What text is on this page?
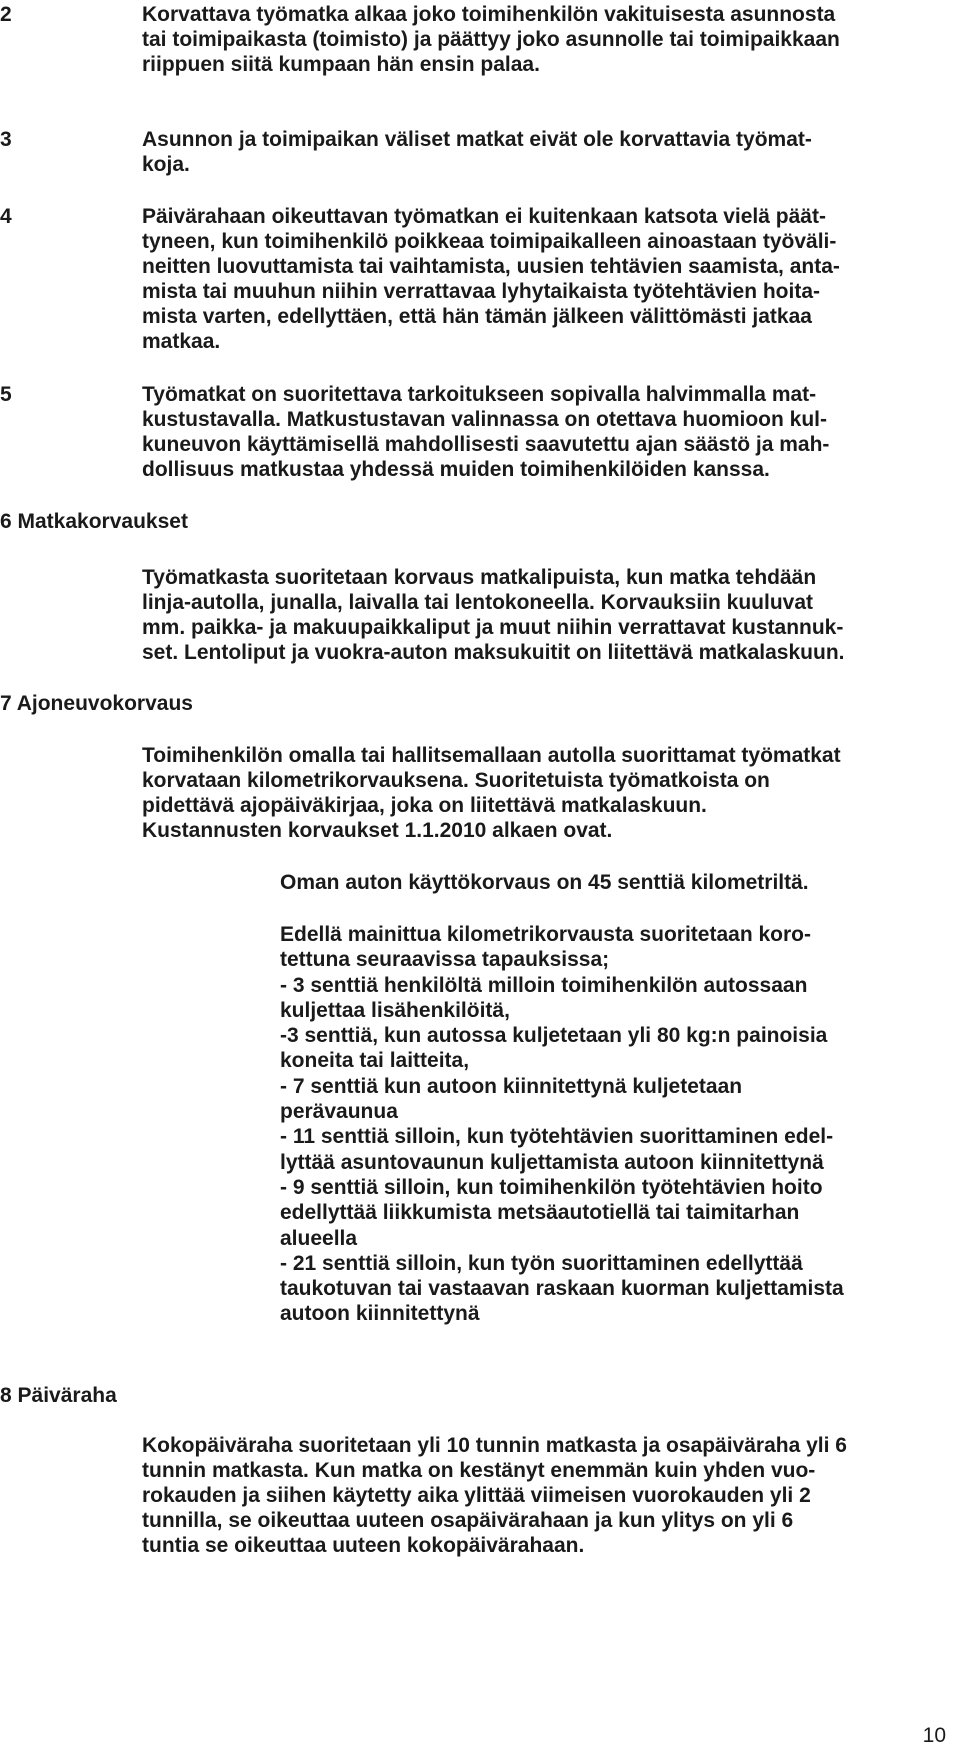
2	Korvattava työmatka alkaa joko toimihenkilön vakituisesta asunnosta
tai toimipaikasta (toimisto) ja päättyy joko asunnolle tai toimipaikkaan
riippuen siitä kumpaan hän ensin palaa.
3	Asunnon ja toimipaikan väliset matkat eivät ole korvattavia työmat-
koja.
4	Päivärahaan oikeuttavan työmatkan ei kuitenkaan katsota vielä päät-
tyneen, kun toimihenkilö poikkeaa toimipaikalleen ainoastaan työväli-
neitten luovuttamista tai vaihtamista, uusien tehtävien saamista, anta-
mista tai muuhun niihin verrattavaa lyhytaikaista työtehtävien hoita-
mista varten, edellyttäen, että hän tämän jälkeen välittömästi jatkaa
matkaa.
5	Työmatkat on suoritettava tarkoitukseen sopivalla halvimmalla mat-
kustustavalla. Matkustustavan valinnassa on otettava huomioon kul-
kuneuvon käyttämisellä mahdollisesti saavutettu ajan säästö ja mah-
dollisuus matkustaa yhdessä muiden toimihenkilöiden kanssa.
6 Matkakorvaukset
Työmatkasta suoritetaan korvaus matkalipuista, kun matka tehdään
linja-autolla, junalla, laivalla tai lentokoneella. Korvauksiin kuuluvat
mm. paikka- ja makuupaikkaliput ja muut niihin verrattavat kustannuk-
set. Lentoliput ja vuokra-auton maksukuitit on liitettävä matkalaskuun.
7 Ajoneuvokorvaus
Toimihenkilön omalla tai hallitsemallaan autolla suorittamat työmatkat
korvataan kilometrikorvauksena. Suoritetuista työmatkoista on
pidettävä ajopäiväkirjaa, joka on liitettävä matkalaskuun.
Kustannusten korvaukset 1.1.2010 alkaen ovat.
Oman auton käyttökorvaus on 45 senttiä kilometriltä.
Edellä mainittua kilometrikorvausta suoritetaan koro-
tettuna seuraavissa tapauksissa;
- 3 senttiä henkilöltä milloin toimihenkilön autossaan
kuljettaa lisähenkilöitä,
-3 senttiä, kun autossa kuljetetaan yli 80 kg:n painoisia
koneita tai laitteita,
- 7 senttiä kun autoon kiinnitettynä kuljetetaan
perävaunua
- 11 senttiä silloin, kun työtehtävien suorittaminen edel-
lyttää asuntovaunun kuljettamista autoon kiinnitettynä
- 9 senttiä silloin, kun toimihenkilön työtehtävien hoito
edellyttää liikkumista metsäautotiellä tai taimitarhan
alueella
- 21 senttiä silloin, kun työn suorittaminen edellyttää
taukotuvan tai vastaavan raskaan kuorman kuljettamista
autoon kiinnitettynä
8 Päiväraha
Kokopäiväraha suoritetaan yli 10 tunnin matkasta ja osapäiväraha yli 6
tunnin matkasta. Kun matka on kestänyt enemmän kuin yhden vuo-
rokauden ja siihen käytetty aika ylittää viimeisen vuorokauden yli 2
tunnilla, se oikeuttaa uuteen osapäivärahaan ja kun ylitys on yli 6
tuntia se oikeuttaa uuteen kokopäivärahaan.
10
